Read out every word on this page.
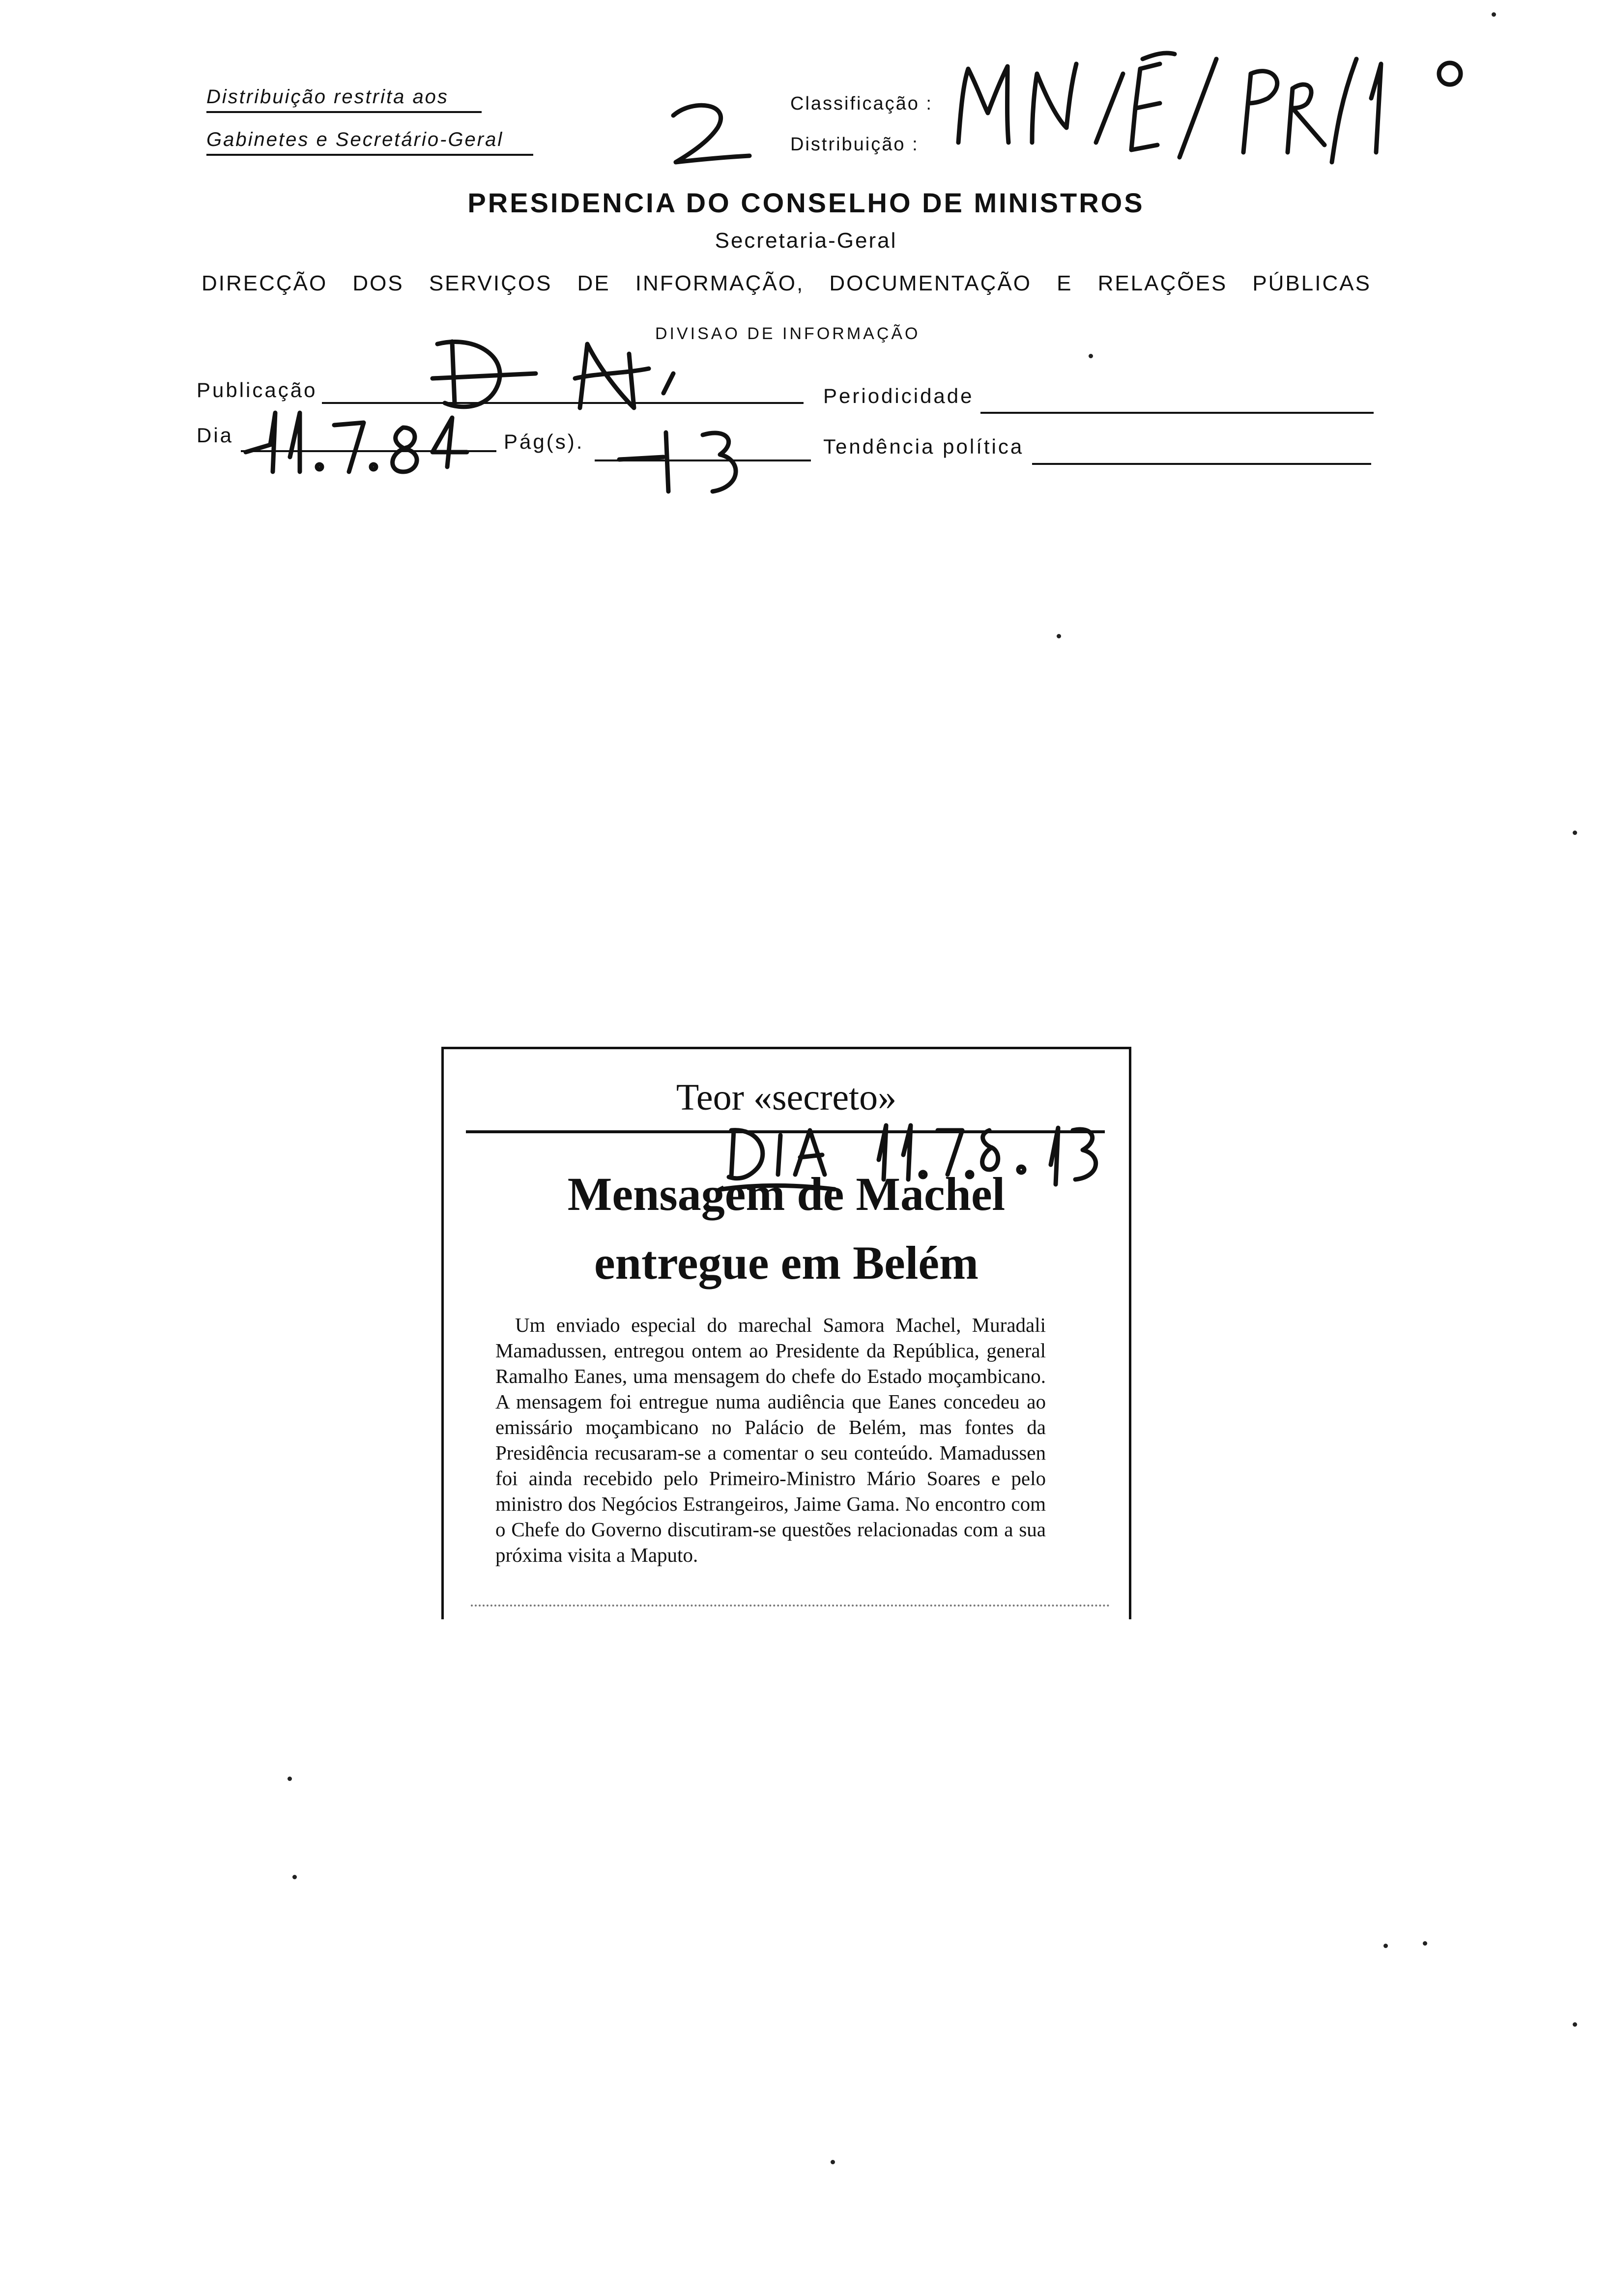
Distribuição restrita aos
Gabinetes e Secretário-Geral
Classificação :
Distribuição :
PRESIDENCIA DO CONSELHO DE MINISTROS
Secretaria-Geral
DIRECÇÃO DOS SERVIÇOS DE INFORMAÇÃO, DOCUMENTAÇÃO E RELAÇÕES PÚBLICAS
DIVISAO DE INFORMAÇÃO
Publicação	Periodicidade
Dia	Pág(s).	Tendência política
Teor «secreto»
Mensagem de Machel
entregue em Belém
Um enviado especial do marechal Samora Machel, Muradali Mamadussen, entregou ontem ao Presidente da República, general Ramalho Eanes, uma mensagem do chefe do Estado moçambicano. A mensagem foi entregue numa audiência que Eanes concedeu ao emissário moçambicano no Palácio de Belém, mas fontes da Presidência recusaram-se a comentar o seu conteúdo. Mamadussen foi ainda recebido pelo Primeiro-Ministro Mário Soares e pelo ministro dos Negócios Estrangeiros, Jaime Gama. No encontro com o Chefe do Governo discutiram-se questões relacionadas com a sua próxima visita a Maputo.
